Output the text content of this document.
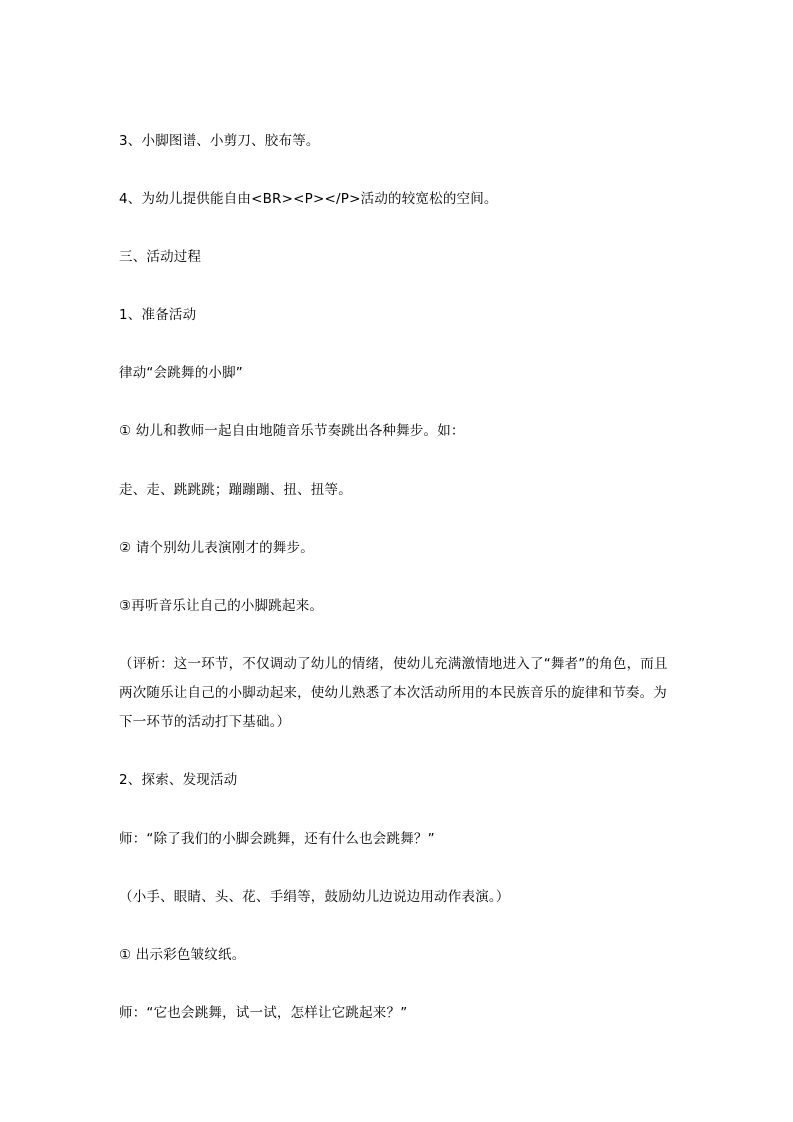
3、小脚图谱、小剪刀、胶布等。
4、为幼儿提供能自由<BR><P></P>活动的较宽松的空间。
三、活动过程
1、准备活动
律动“会跳舞的小脚”
① 幼儿和教师一起自由地随音乐节奏跳出各种舞步。如：
走、走、跳跳跳；蹦蹦蹦、扭、扭等。
② 请个别幼儿表演刚才的舞步。
③再听音乐让自己的小脚跳起来。
（评析：这一环节，不仅调动了幼儿的情绪，使幼儿充满激情地进入了“舞者”的角色，而且两次随乐让自己的小脚动起来，使幼儿熟悉了本次活动所用的本民族音乐的旋律和节奏。为下一环节的活动打下基础。）
2、探索、发现活动
师：“除了我们的小脚会跳舞，还有什么也会跳舞？”
（小手、眼睛、头、花、手绢等，鼓励幼儿边说边用动作表演。）
① 出示彩色皱纹纸。
师：“它也会跳舞，试一试，怎样让它跳起来？”
